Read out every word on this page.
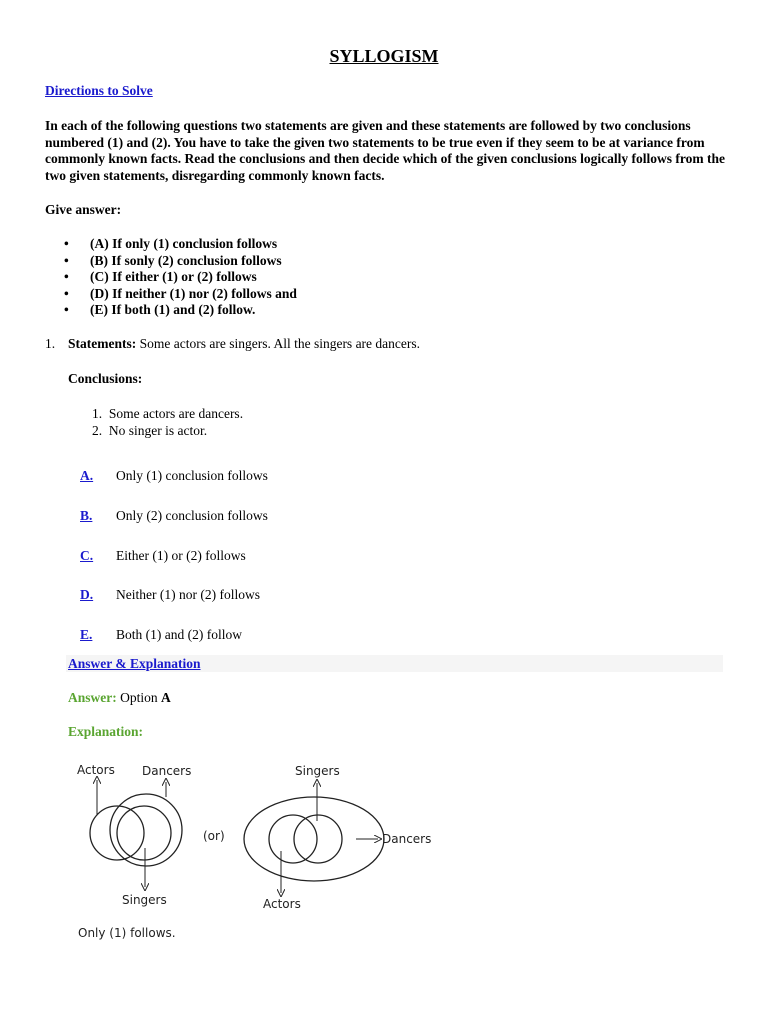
SYLLOGISM
Directions to Solve
In each of the following questions two statements are given and these statements are followed by two conclusions numbered (1) and (2). You have to take the given two statements to be true even if they seem to be at variance from commonly known facts. Read the conclusions and then decide which of the given conclusions logically follows from the two given statements, disregarding commonly known facts.
Give answer:
• (A) If only (1) conclusion follows
• (B) If sonly (2) conclusion follows
• (C) If either (1) or (2) follows
• (D) If neither (1) nor (2) follows and
• (E) If both (1) and (2) follow.
1. Statements: Some actors are singers. All the singers are dancers.
Conclusions:
1. Some actors are dancers.
2. No singer is actor.
A. Only (1) conclusion follows
B. Only (2) conclusion follows
C. Either (1) or (2) follows
D. Neither (1) nor (2) follows
E. Both (1) and (2) follow
Answer & Explanation
Answer: Option A
Explanation:
Actors Dancers
Singers
(or)
Singers
Dancers
Actors
Only (1) follows.
